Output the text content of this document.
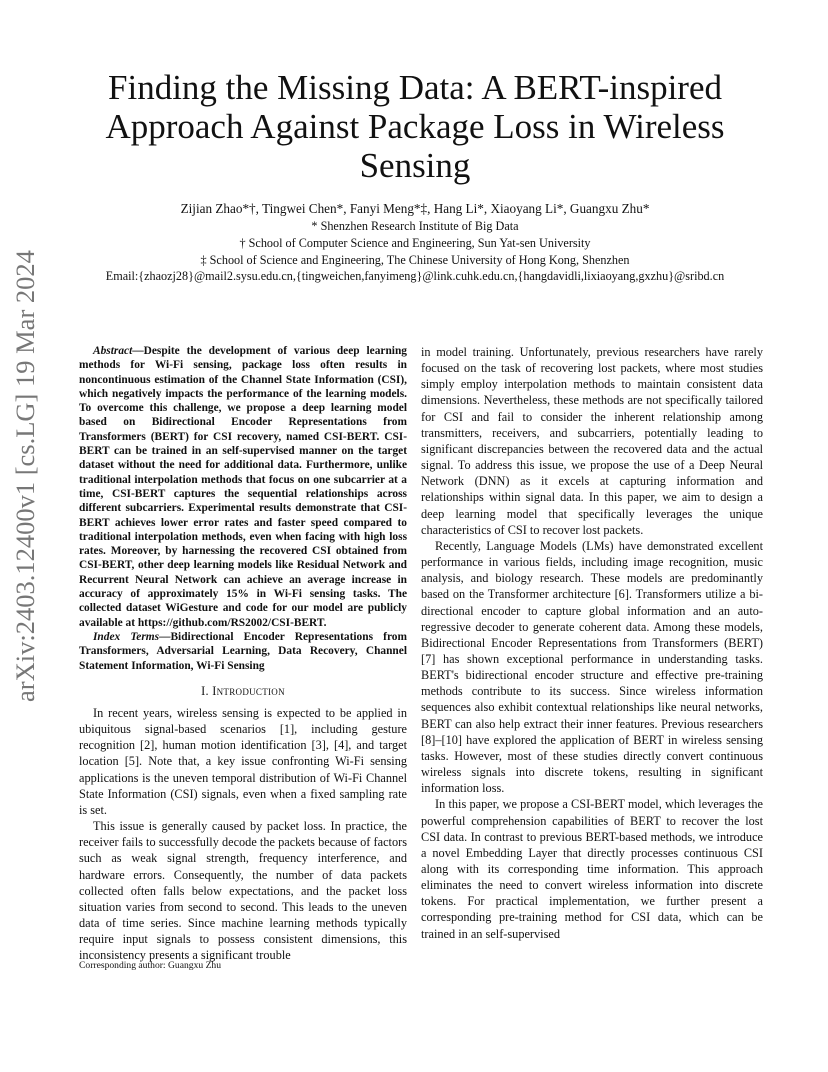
arXiv:2403.12400v1 [cs.LG] 19 Mar 2024
Finding the Missing Data: A BERT-inspired Approach Against Package Loss in Wireless Sensing
Zijian Zhao*†, Tingwei Chen*, Fanyi Meng*‡, Hang Li*, Xiaoyang Li*, Guangxu Zhu*
* Shenzhen Research Institute of Big Data
† School of Computer Science and Engineering, Sun Yat-sen University
‡ School of Science and Engineering, The Chinese University of Hong Kong, Shenzhen
Email:{zhaozj28}@mail2.sysu.edu.cn,{tingweichen,fanyimeng}@link.cuhk.edu.cn,{hangdavidli,lixiaoyang,gxzhu}@sribd.cn

Abstract—Despite the development of various deep learning methods for Wi-Fi sensing, package loss often results in noncontinuous estimation of the Channel State Information (CSI), which negatively impacts the performance of the learning models. To overcome this challenge, we propose a deep learning model based on Bidirectional Encoder Representations from Transformers (BERT) for CSI recovery, named CSI-BERT. CSI-BERT can be trained in an self-supervised manner on the target dataset without the need for additional data. Furthermore, unlike traditional interpolation methods that focus on one subcarrier at a time, CSI-BERT captures the sequential relationships across different subcarriers. Experimental results demonstrate that CSI-BERT achieves lower error rates and faster speed compared to traditional interpolation methods, even when facing with high loss rates. Moreover, by harnessing the recovered CSI obtained from CSI-BERT, other deep learning models like Residual Network and Recurrent Neural Network can achieve an average increase in accuracy of approximately 15% in Wi-Fi sensing tasks. The collected dataset WiGesture and code for our model are publicly available at https://github.com/RS2002/CSI-BERT.

Index Terms—Bidirectional Encoder Representations from Transformers, Adversarial Learning, Data Recovery, Channel Statement Information, Wi-Fi Sensing

I. Introduction

In recent years, wireless sensing is expected to be applied in ubiquitous signal-based scenarios [1], including gesture recognition [2], human motion identification [3], [4], and target location [5]. Note that, a key issue confronting Wi-Fi sensing applications is the uneven temporal distribution of Wi-Fi Channel State Information (CSI) signals, even when a fixed sampling rate is set.

This issue is generally caused by packet loss. In practice, the receiver fails to successfully decode the packets because of factors such as weak signal strength, frequency interference, and hardware errors. Consequently, the number of data packets collected often falls below expectations, and the packet loss situation varies from second to second. This leads to the uneven data of time series. Since machine learning methods typically require input signals to possess consistent dimensions, this inconsistency presents a significant trouble

in model training. Unfortunately, previous researchers have rarely focused on the task of recovering lost packets, where most studies simply employ interpolation methods to maintain consistent data dimensions. Nevertheless, these methods are not specifically tailored for CSI and fail to consider the inherent relationship among transmitters, receivers, and subcarriers, potentially leading to significant discrepancies between the recovered data and the actual signal. To address this issue, we propose the use of a Deep Neural Network (DNN) as it excels at capturing information and relationships within signal data. In this paper, we aim to design a deep learning model that specifically leverages the unique characteristics of CSI to recover lost packets.

Recently, Language Models (LMs) have demonstrated excellent performance in various fields, including image recognition, music analysis, and biology research. These models are predominantly based on the Transformer architecture [6]. Transformers utilize a bi-directional encoder to capture global information and an auto-regressive decoder to generate coherent data. Among these models, Bidirectional Encoder Representations from Transformers (BERT) [7] has shown exceptional performance in understanding tasks. BERT's bidirectional encoder structure and effective pre-training methods contribute to its success. Since wireless information sequences also exhibit contextual relationships like neural networks, BERT can also help extract their inner features. Previous researchers [8]–[10] have explored the application of BERT in wireless sensing tasks. However, most of these studies directly convert continuous wireless signals into discrete tokens, resulting in significant information loss.

In this paper, we propose a CSI-BERT model, which leverages the powerful comprehension capabilities of BERT to recover the lost CSI data. In contrast to previous BERT-based methods, we introduce a novel Embedding Layer that directly processes continuous CSI along with its corresponding time information. This approach eliminates the need to convert wireless information into discrete tokens. For practical implementation, we further present a corresponding pre-training method for CSI data, which can be trained in an self-supervised

Corresponding author: Guangxu Zhu
